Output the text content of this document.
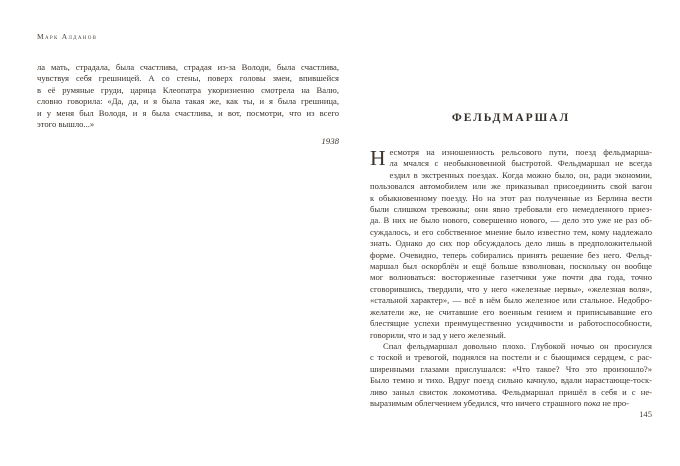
Марк Алданов
ла мать, страдала, была счастлива, страдая из-за Володи, была счастлива,
чувствуя себя грешницей. А со стены, поверх головы змеи, впившейся
в её румяные груди, царица Клеопатра укоризненно смотрела на Валю,
словно говорила: «Да, да, и я была такая же, как ты, и я была грешница,
и у меня был Володя, и я была счастлива, и вот, посмотри, что из всего
этого вышло...»
1938
ФЕЛЬДМАРШАЛ
Н есмотря на изношенность рельсового пути, поезд фельдмарша-
ла мчался с необыкновенной быстротой. Фельдмаршал не всегда
ездил в экстренных поездах. Когда можно было, он, ради экономии,
пользовался автомобилем или же приказывал присоединить свой вагон
к обыкновенному поезду. Но на этот раз полученные из Берлина вести
были слишком тревожны; они явно требовали его немедленного приез-
да. В них не было нового, совершенно нового, — дело это уже не раз об-
суждалось, и его собственное мнение было известно тем, кому надлежало
знать. Однако до сих пор обсуждалось дело лишь в предположительной
форме. Очевидно, теперь собирались принять решение без него. Фельд-
маршал был оскорблён и ещё больше взволнован, поскольку он вообще
мог волноваться: восторженные газетчики уже почти два года, точно
сговорившись, твердили, что у него «железные нервы», «железная воля»,
«стальной характер», — всё в нём было железное или стальное. Недобро-
желатели же, не считавшие его военным гением и приписывавшие его
блестящие успехи преимущественно усидчивости и работоспособности,
говорили, что и зад у него железный.
Спал фельдмаршал довольно плохо. Глубокой ночью он проснулся
с тоской и тревогой, поднялся на постели и с бьющимся сердцем, с рас-
ширенными глазами прислушался: «Что такое? Что это произошло?»
Было темно и тихо. Вдруг поезд сильно качнуло, вдали нарастающе-тоск-
ливо заныл свисток локомотива. Фельдмаршал пришёл в себя и с не-
выразимым облегчением убедился, что ничего страшного пока не про-
145
